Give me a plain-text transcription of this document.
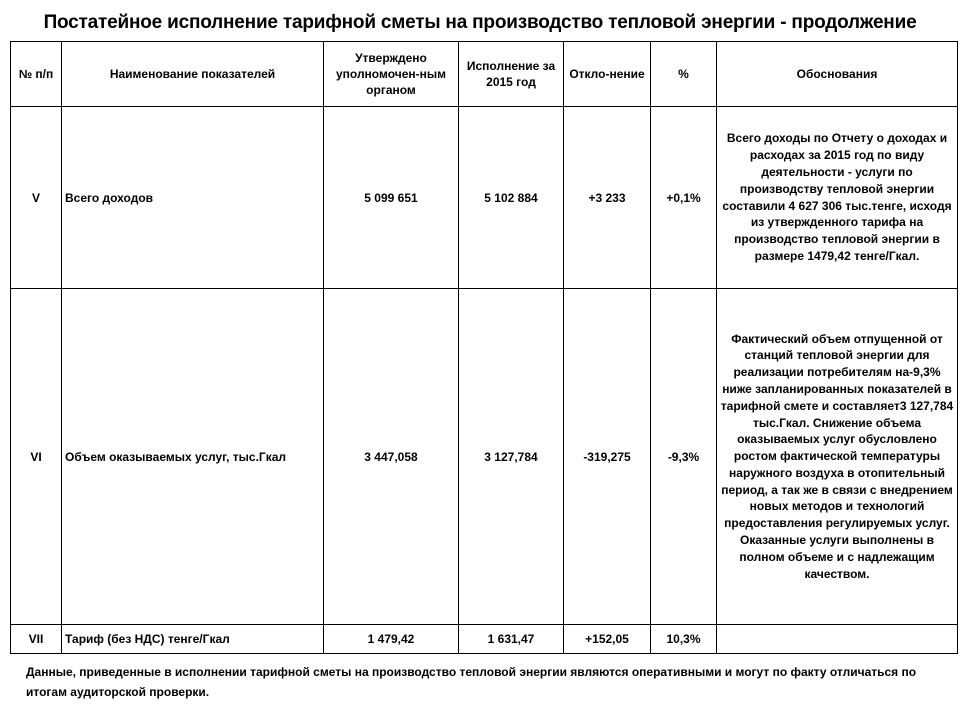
Постатейное исполнение тарифной сметы на производство тепловой энергии - продолжение
№ п/п	Наименование показателей	Утверждено уполномочен-ным органом	Исполнение за 2015 год	Откло-нение	%	Обоснования
V	Всего доходов	5 099 651	5 102 884	+3 233	+0,1%	Всего доходы по Отчету о доходах и расходах за 2015 год по виду деятельности - услуги по производству тепловой энергии составили 4 627 306 тыс.тенге, исходя из утвержденного тарифа на производство тепловой энергии в размере 1479,42 тенге/Гкал.
VI	Объем оказываемых услуг, тыс.Гкал	3 447,058	3 127,784	-319,275	-9,3%	Фактический объем отпущенной от станций тепловой энергии для реализации потребителям на-9,3% ниже запланированных показателей в тарифной смете и составляет3 127,784 тыс.Гкал. Снижение объема оказываемых услуг обусловлено ростом фактической температуры наружного воздуха в отопительный период, а так же в связи с внедрением новых методов и технологий предоставления регулируемых услуг. Оказанные услуги выполнены в полном объеме и с надлежащим качеством.
VII	Тариф (без НДС) тенге/Гкал	1 479,42	1 631,47	+152,05	10,3%	
Данные, приведенные в исполнении тарифной сметы на производство тепловой энергии являются оперативными и могут по факту отличаться по итогам аудиторской проверки.
